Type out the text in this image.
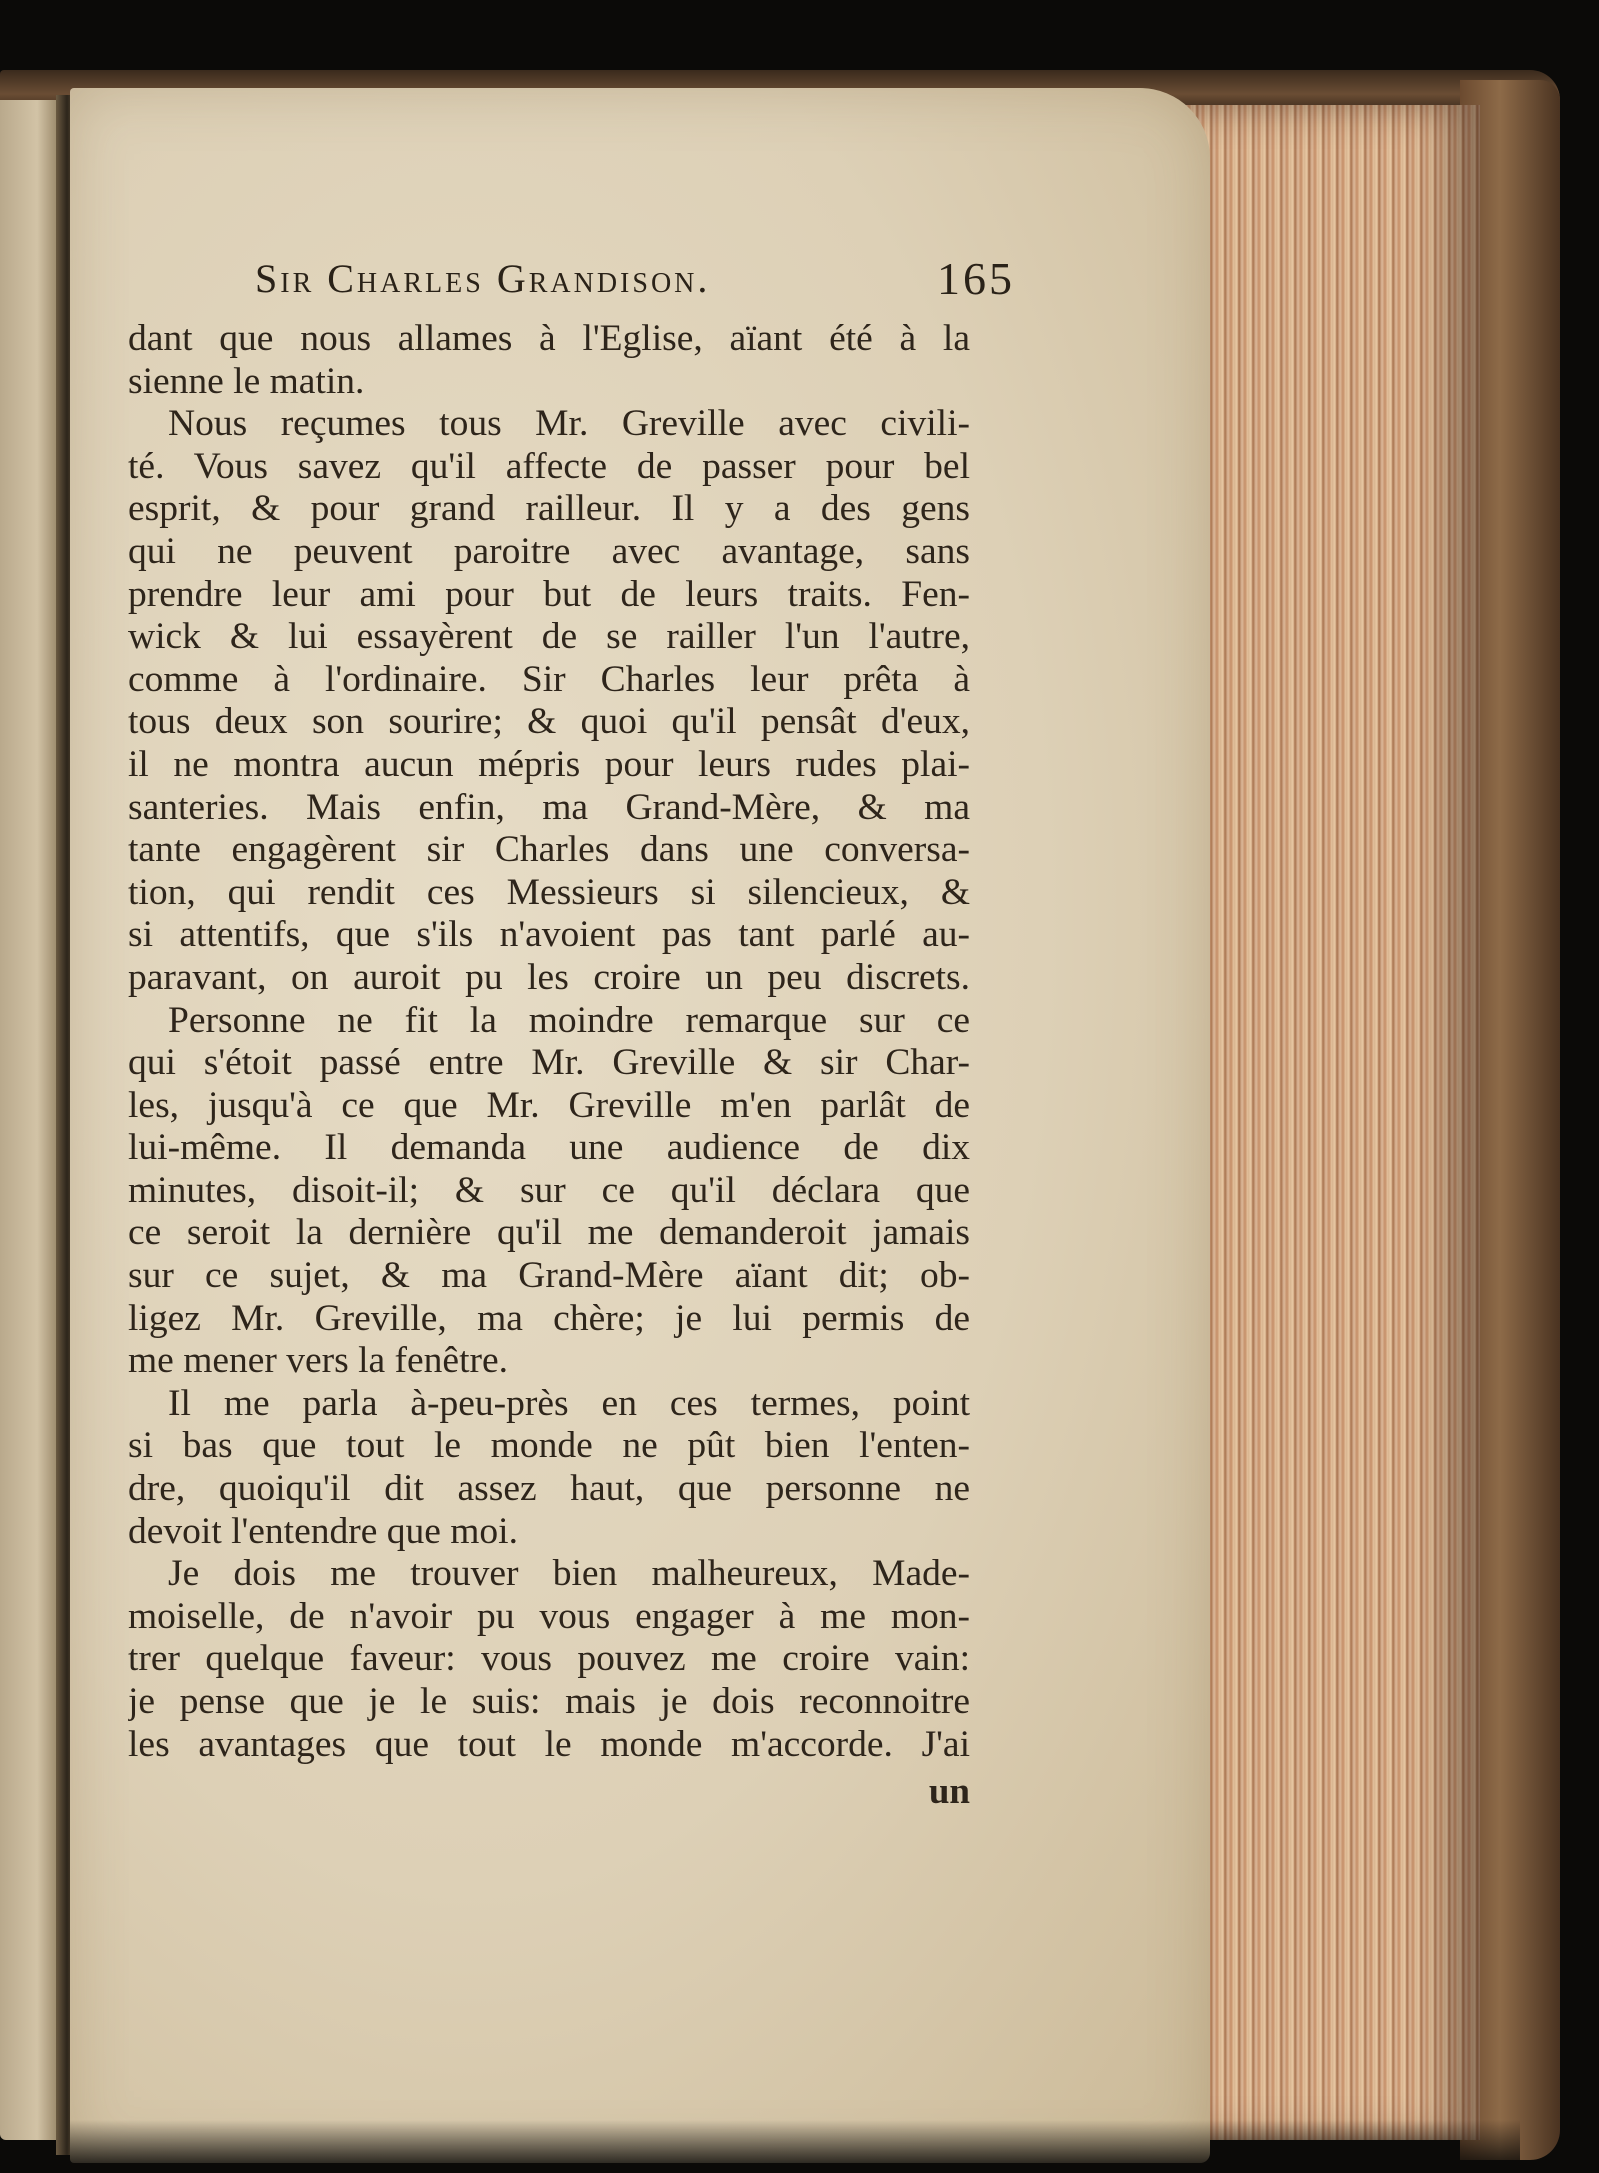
Sir Charles Grandison.	165
dant que nous allames à l'Eglise, aïant été à la
sienne le matin.
Nous reçumes tous Mr. Greville avec civili-
té. Vous savez qu'il affecte de passer pour bel
esprit, & pour grand railleur. Il y a des gens
qui ne peuvent paroitre avec avantage, sans
prendre leur ami pour but de leurs traits. Fen-
wick & lui essayèrent de se railler l'un l'autre,
comme à l'ordinaire. Sir Charles leur prêta à
tous deux son sourire; & quoi qu'il pensât d'eux,
il ne montra aucun mépris pour leurs rudes plai-
santeries. Mais enfin, ma Grand-Mère, & ma
tante engagèrent sir Charles dans une conversa-
tion, qui rendit ces Messieurs si silencieux, &
si attentifs, que s'ils n'avoient pas tant parlé au-
paravant, on auroit pu les croire un peu discrets.
Personne ne fit la moindre remarque sur ce
qui s'étoit passé entre Mr. Greville & sir Char-
les, jusqu'à ce que Mr. Greville m'en parlât de
lui-même. Il demanda une audience de dix
minutes, disoit-il; & sur ce qu'il déclara que
ce seroit la dernière qu'il me demanderoit jamais
sur ce sujet, & ma Grand-Mère aïant dit; ob-
ligez Mr. Greville, ma chère; je lui permis de
me mener vers la fenêtre.
Il me parla à-peu-près en ces termes, point
si bas que tout le monde ne pût bien l'enten-
dre, quoiqu'il dit assez haut, que personne ne
devoit l'entendre que moi.
Je dois me trouver bien malheureux, Made-
moiselle, de n'avoir pu vous engager à me mon-
trer quelque faveur: vous pouvez me croire vain:
je pense que je le suis: mais je dois reconnoitre
les avantages que tout le monde m'accorde. J'ai
un
